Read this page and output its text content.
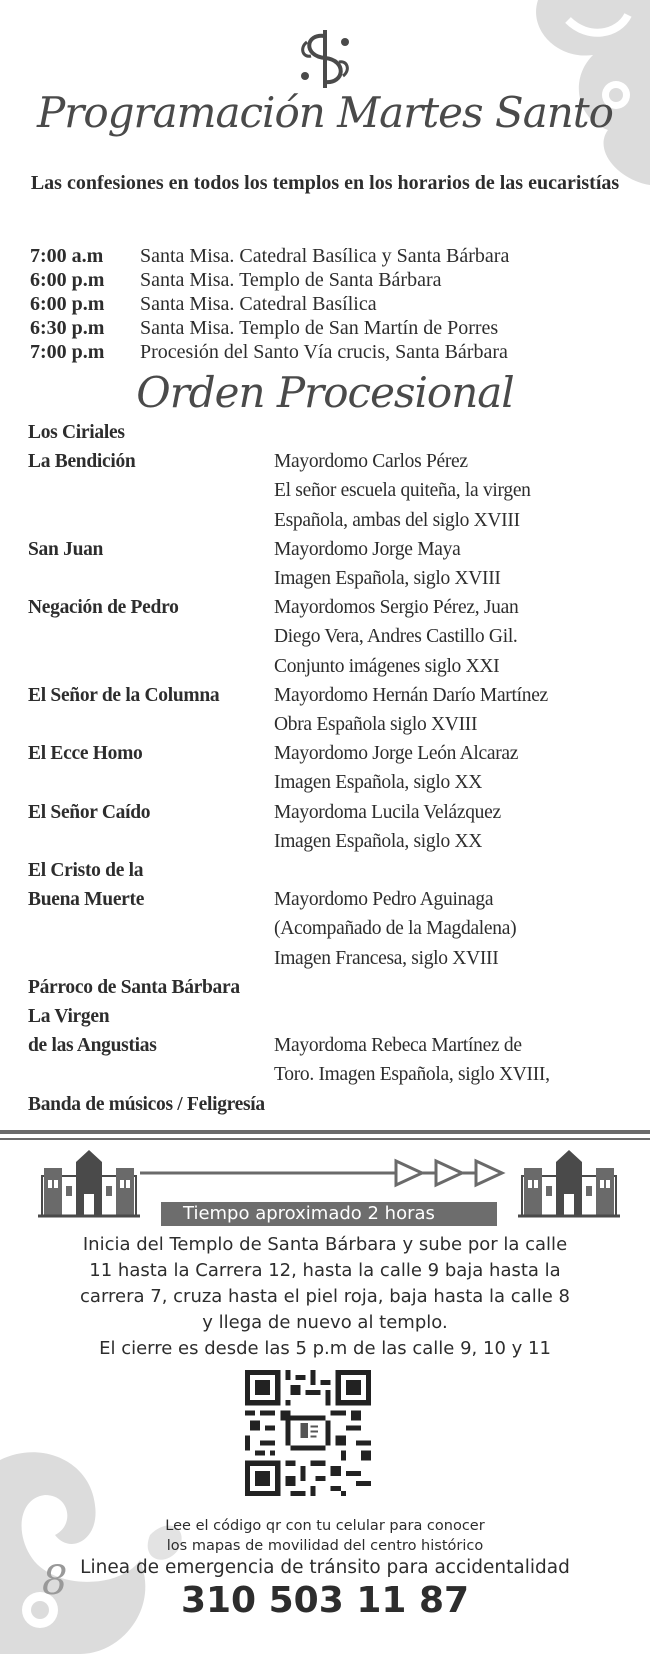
Programación Martes Santo
Las confesiones en todos los templos en los horarios de las eucaristías
7:00 a.m	Santa Misa. Catedral Basílica y Santa Bárbara
6:00 p.m	Santa Misa. Templo de Santa Bárbara
6:00 p.m	Santa Misa. Catedral Basílica
6:30 p.m	Santa Misa. Templo de San Martín de Porres
7:00 p.m	Procesión del Santo Vía crucis, Santa Bárbara
Orden Procesional
Los Ciriales
La Bendición	Mayordomo Carlos Pérez
El señor escuela quiteña, la virgen
Española, ambas del siglo XVIII
San Juan	Mayordomo Jorge Maya
Imagen Española, siglo XVIII
Negación de Pedro	Mayordomos Sergio Pérez, Juan
Diego Vera, Andres Castillo Gil.
Conjunto imágenes siglo XXI
El Señor de la Columna	Mayordomo Hernán Darío Martínez
Obra Española siglo XVIII
El Ecce Homo	Mayordomo Jorge León Alcaraz
Imagen Española, siglo XX
El Señor Caído	Mayordoma Lucila Velázquez
Imagen Española, siglo XX
El Cristo de la
Buena Muerte	Mayordomo Pedro Aguinaga
(Acompañado de la Magdalena)
Imagen Francesa, siglo XVIII
Párroco de Santa Bárbara
La Virgen
de las Angustias	Mayordoma Rebeca Martínez de
Toro. Imagen Española, siglo XVIII,
Banda de músicos / Feligresía
Tiempo aproximado 2 horas
Inicia del Templo de Santa Bárbara y sube por la calle
11 hasta la Carrera 12, hasta la calle 9 baja hasta la
carrera 7, cruza hasta el piel roja, baja hasta la calle 8
y llega de nuevo al templo.
El cierre es desde las 5 p.m de las calle 9, 10 y 11
Lee el código qr con tu celular para conocer
los mapas de movilidad del centro histórico
8 Linea de emergencia de tránsito para accidentalidad
310 503 11 87
